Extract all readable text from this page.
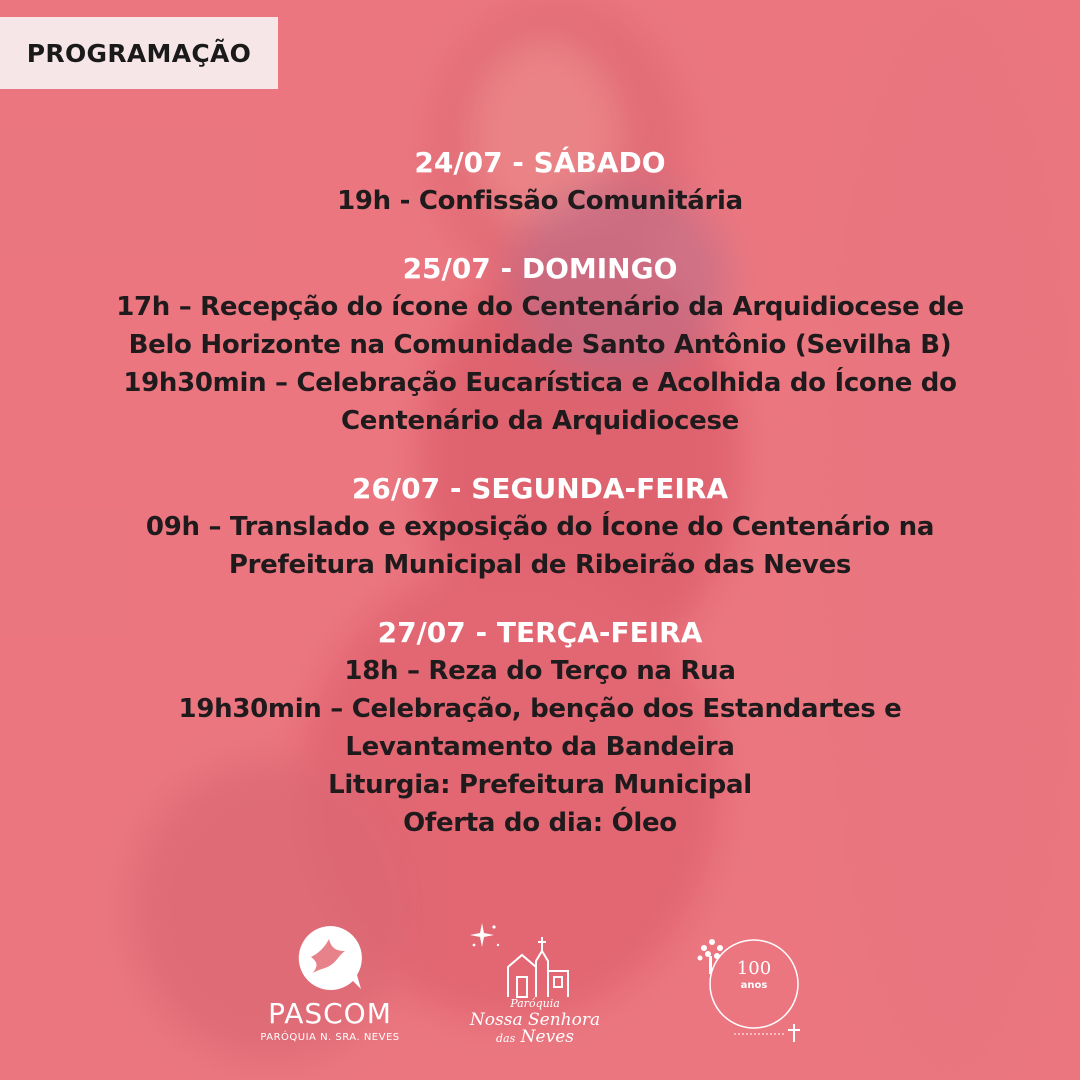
PROGRAMAÇÃO
24/07 - SÁBADO

19h - Confissão Comunitária

25/07 - DOMINGO

17h – Recepção do ícone do Centenário da Arquidiocese de

Belo Horizonte na Comunidade Santo Antônio (Sevilha B)

19h30min – Celebração Eucarística e Acolhida do Ícone do

Centenário da Arquidiocese

26/07 - SEGUNDA-FEIRA

09h – Translado e exposição do Ícone do Centenário na

Prefeitura Municipal de Ribeirão das Neves

27/07 - TERÇA-FEIRA

18h – Reza do Terço na Rua

19h30min – Celebração, benção dos Estandartes e

Levantamento da Bandeira

Liturgia: Prefeitura Municipal

Oferta do dia: Óleo

PASCOM
PARÓQUIA N. SRA. NEVES
Paróquia
Nossa Senhora
das Neves
100
anos
